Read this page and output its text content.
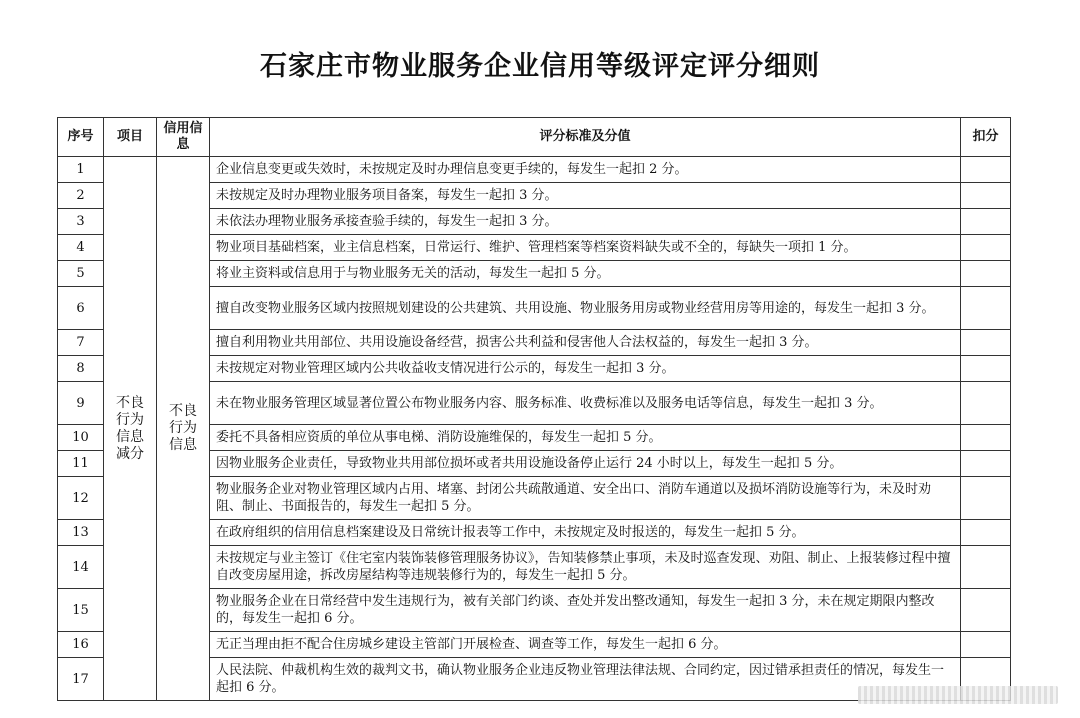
石家庄市物业服务企业信用等级评定评分细则
序号	项目	信用信息	评分标准及分值	扣分
1	不良行为信息减分	不良行为信息	企业信息变更或失效时，未按规定及时办理信息变更手续的，每发生一起扣 2 分。	
2			未按规定及时办理物业服务项目备案，每发生一起扣 3 分。	
3			未依法办理物业服务承接查验手续的，每发生一起扣 3 分。	
4			物业项目基础档案，业主信息档案，日常运行、维护、管理档案等档案资料缺失或不全的，每缺失一项扣 1 分。	
5			将业主资料或信息用于与物业服务无关的活动，每发生一起扣 5 分。	
6			擅自改变物业服务区域内按照规划建设的公共建筑、共用设施、物业服务用房或物业经营用房等用途的，每发生一起扣 3 分。	
7			擅自利用物业共用部位、共用设施设备经营，损害公共利益和侵害他人合法权益的，每发生一起扣 3 分。	
8			未按规定对物业管理区域内公共收益收支情况进行公示的，每发生一起扣 3 分。	
9			未在物业服务管理区域显著位置公布物业服务内容、服务标准、收费标准以及服务电话等信息，每发生一起扣 3 分。	
10			委托不具备相应资质的单位从事电梯、消防设施维保的，每发生一起扣 5 分。	
11			因物业服务企业责任，导致物业共用部位损坏或者共用设施设备停止运行 24 小时以上，每发生一起扣 5 分。	
12			物业服务企业对物业管理区域内占用、堵塞、封闭公共疏散通道、安全出口、消防车通道以及损坏消防设施等行为，未及时劝阻、制止、书面报告的，每发生一起扣 5 分。	
13			在政府组织的信用信息档案建设及日常统计报表等工作中，未按规定及时报送的，每发生一起扣 5 分。	
14			未按规定与业主签订《住宅室内装饰装修管理服务协议》，告知装修禁止事项，未及时巡查发现、劝阻、制止、上报装修过程中擅自改变房屋用途，拆改房屋结构等违规装修行为的，每发生一起扣 5 分。	
15			物业服务企业在日常经营中发生违规行为，被有关部门约谈、查处并发出整改通知，每发生一起扣 3 分，未在规定期限内整改的，每发生一起扣 6 分。	
16			无正当理由拒不配合住房城乡建设主管部门开展检查、调查等工作，每发生一起扣 6 分。	
17			人民法院、仲裁机构生效的裁判文书，确认物业服务企业违反物业管理法律法规、合同约定，因过错承担责任的情况，每发生一起扣 6 分。	
